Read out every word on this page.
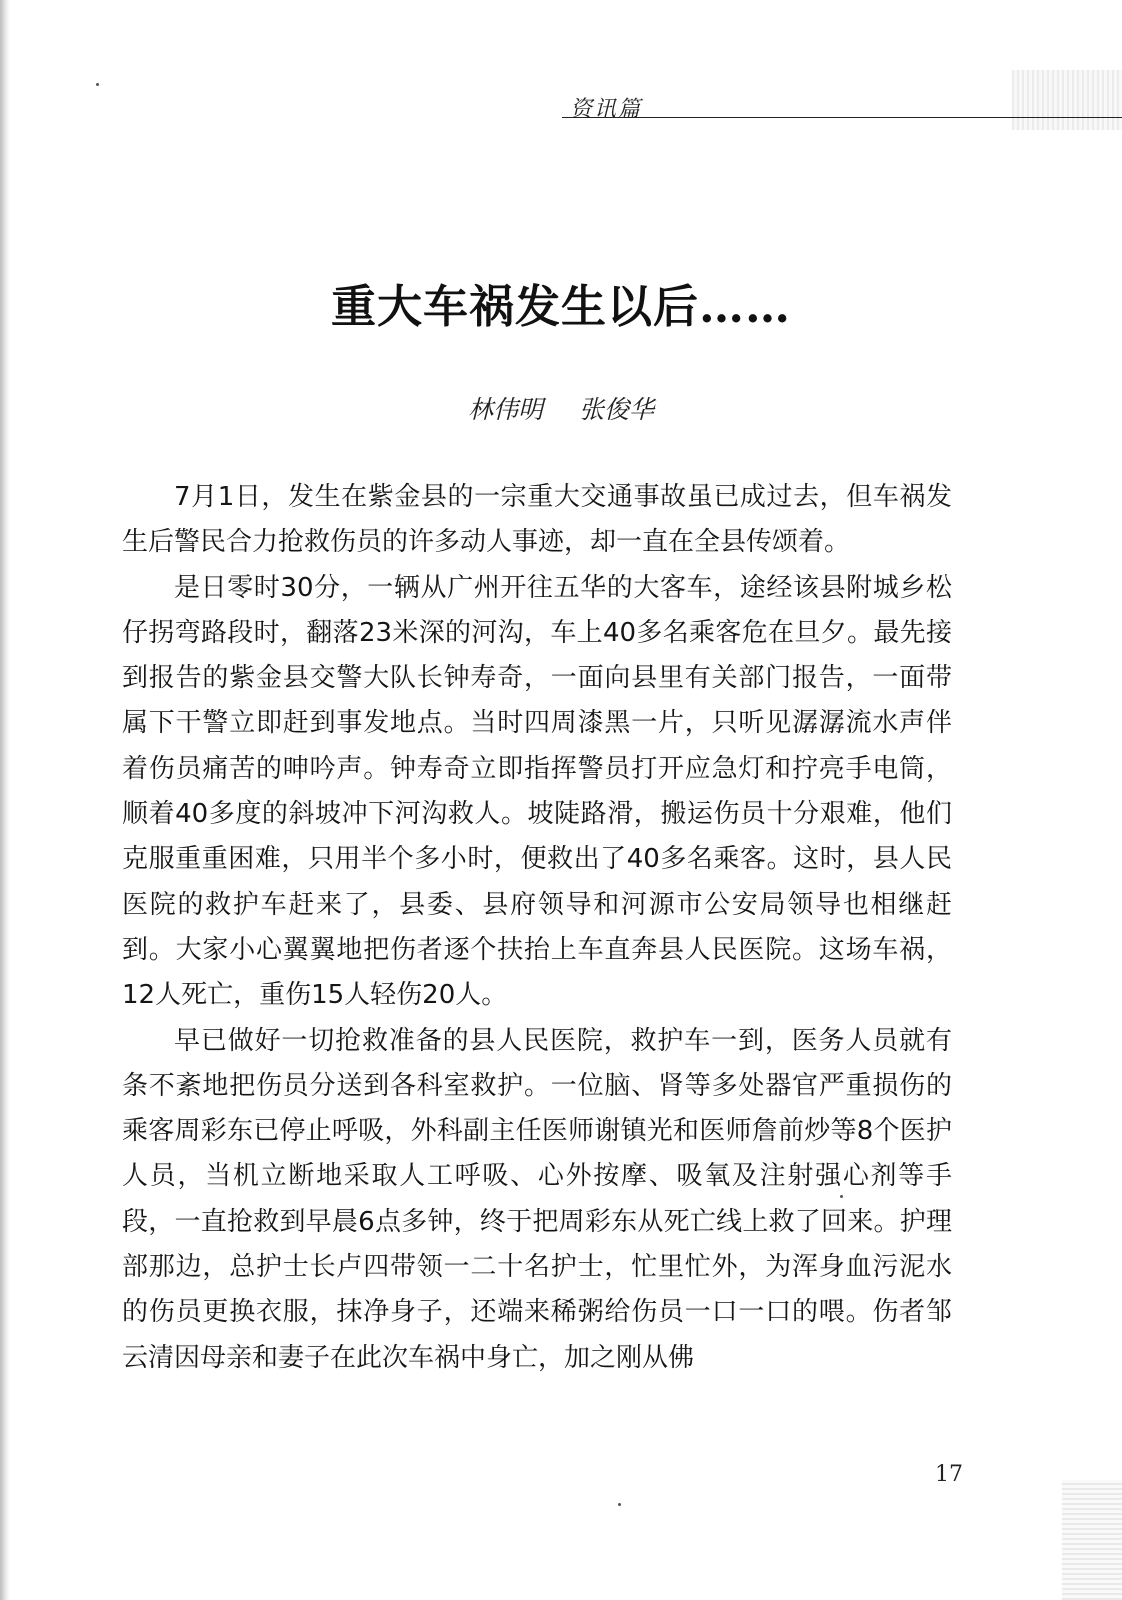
资讯篇
重大车祸发生以后……
林伟明 张俊华

7月1日，发生在紫金县的一宗重大交通事故虽已成过去，但车祸发生后警民合力抢救伤员的许多动人事迹，却一直在全县传颂着。

是日零时30分，一辆从广州开往五华的大客车，途经该县附城乡松仔拐弯路段时，翻落23米深的河沟，车上40多名乘客危在旦夕。最先接到报告的紫金县交警大队长钟寿奇，一面向县里有关部门报告，一面带属下干警立即赶到事发地点。当时四周漆黑一片，只听见潺潺流水声伴着伤员痛苦的呻吟声。钟寿奇立即指挥警员打开应急灯和拧亮手电筒，顺着40多度的斜坡冲下河沟救人。坡陡路滑，搬运伤员十分艰难，他们克服重重困难，只用半个多小时，便救出了40多名乘客。这时，县人民医院的救护车赶来了，县委、县府领导和河源市公安局领导也相继赶到。大家小心翼翼地把伤者逐个扶抬上车直奔县人民医院。这场车祸，12人死亡，重伤15人轻伤20人。

早已做好一切抢救准备的县人民医院，救护车一到，医务人员就有条不紊地把伤员分送到各科室救护。一位脑、肾等多处器官严重损伤的乘客周彩东已停止呼吸，外科副主任医师谢镇光和医师詹前炒等8个医护人员，当机立断地采取人工呼吸、心外按摩、吸氧及注射强心剂等手段，一直抢救到早晨6点多钟，终于把周彩东从死亡线上救了回来。护理部那边，总护士长卢四带领一二十名护士，忙里忙外，为浑身血污泥水的伤员更换衣服，抹净身子，还端来稀粥给伤员一口一口的喂。伤者邹云清因母亲和妻子在此次车祸中身亡，加之刚从佛

17
